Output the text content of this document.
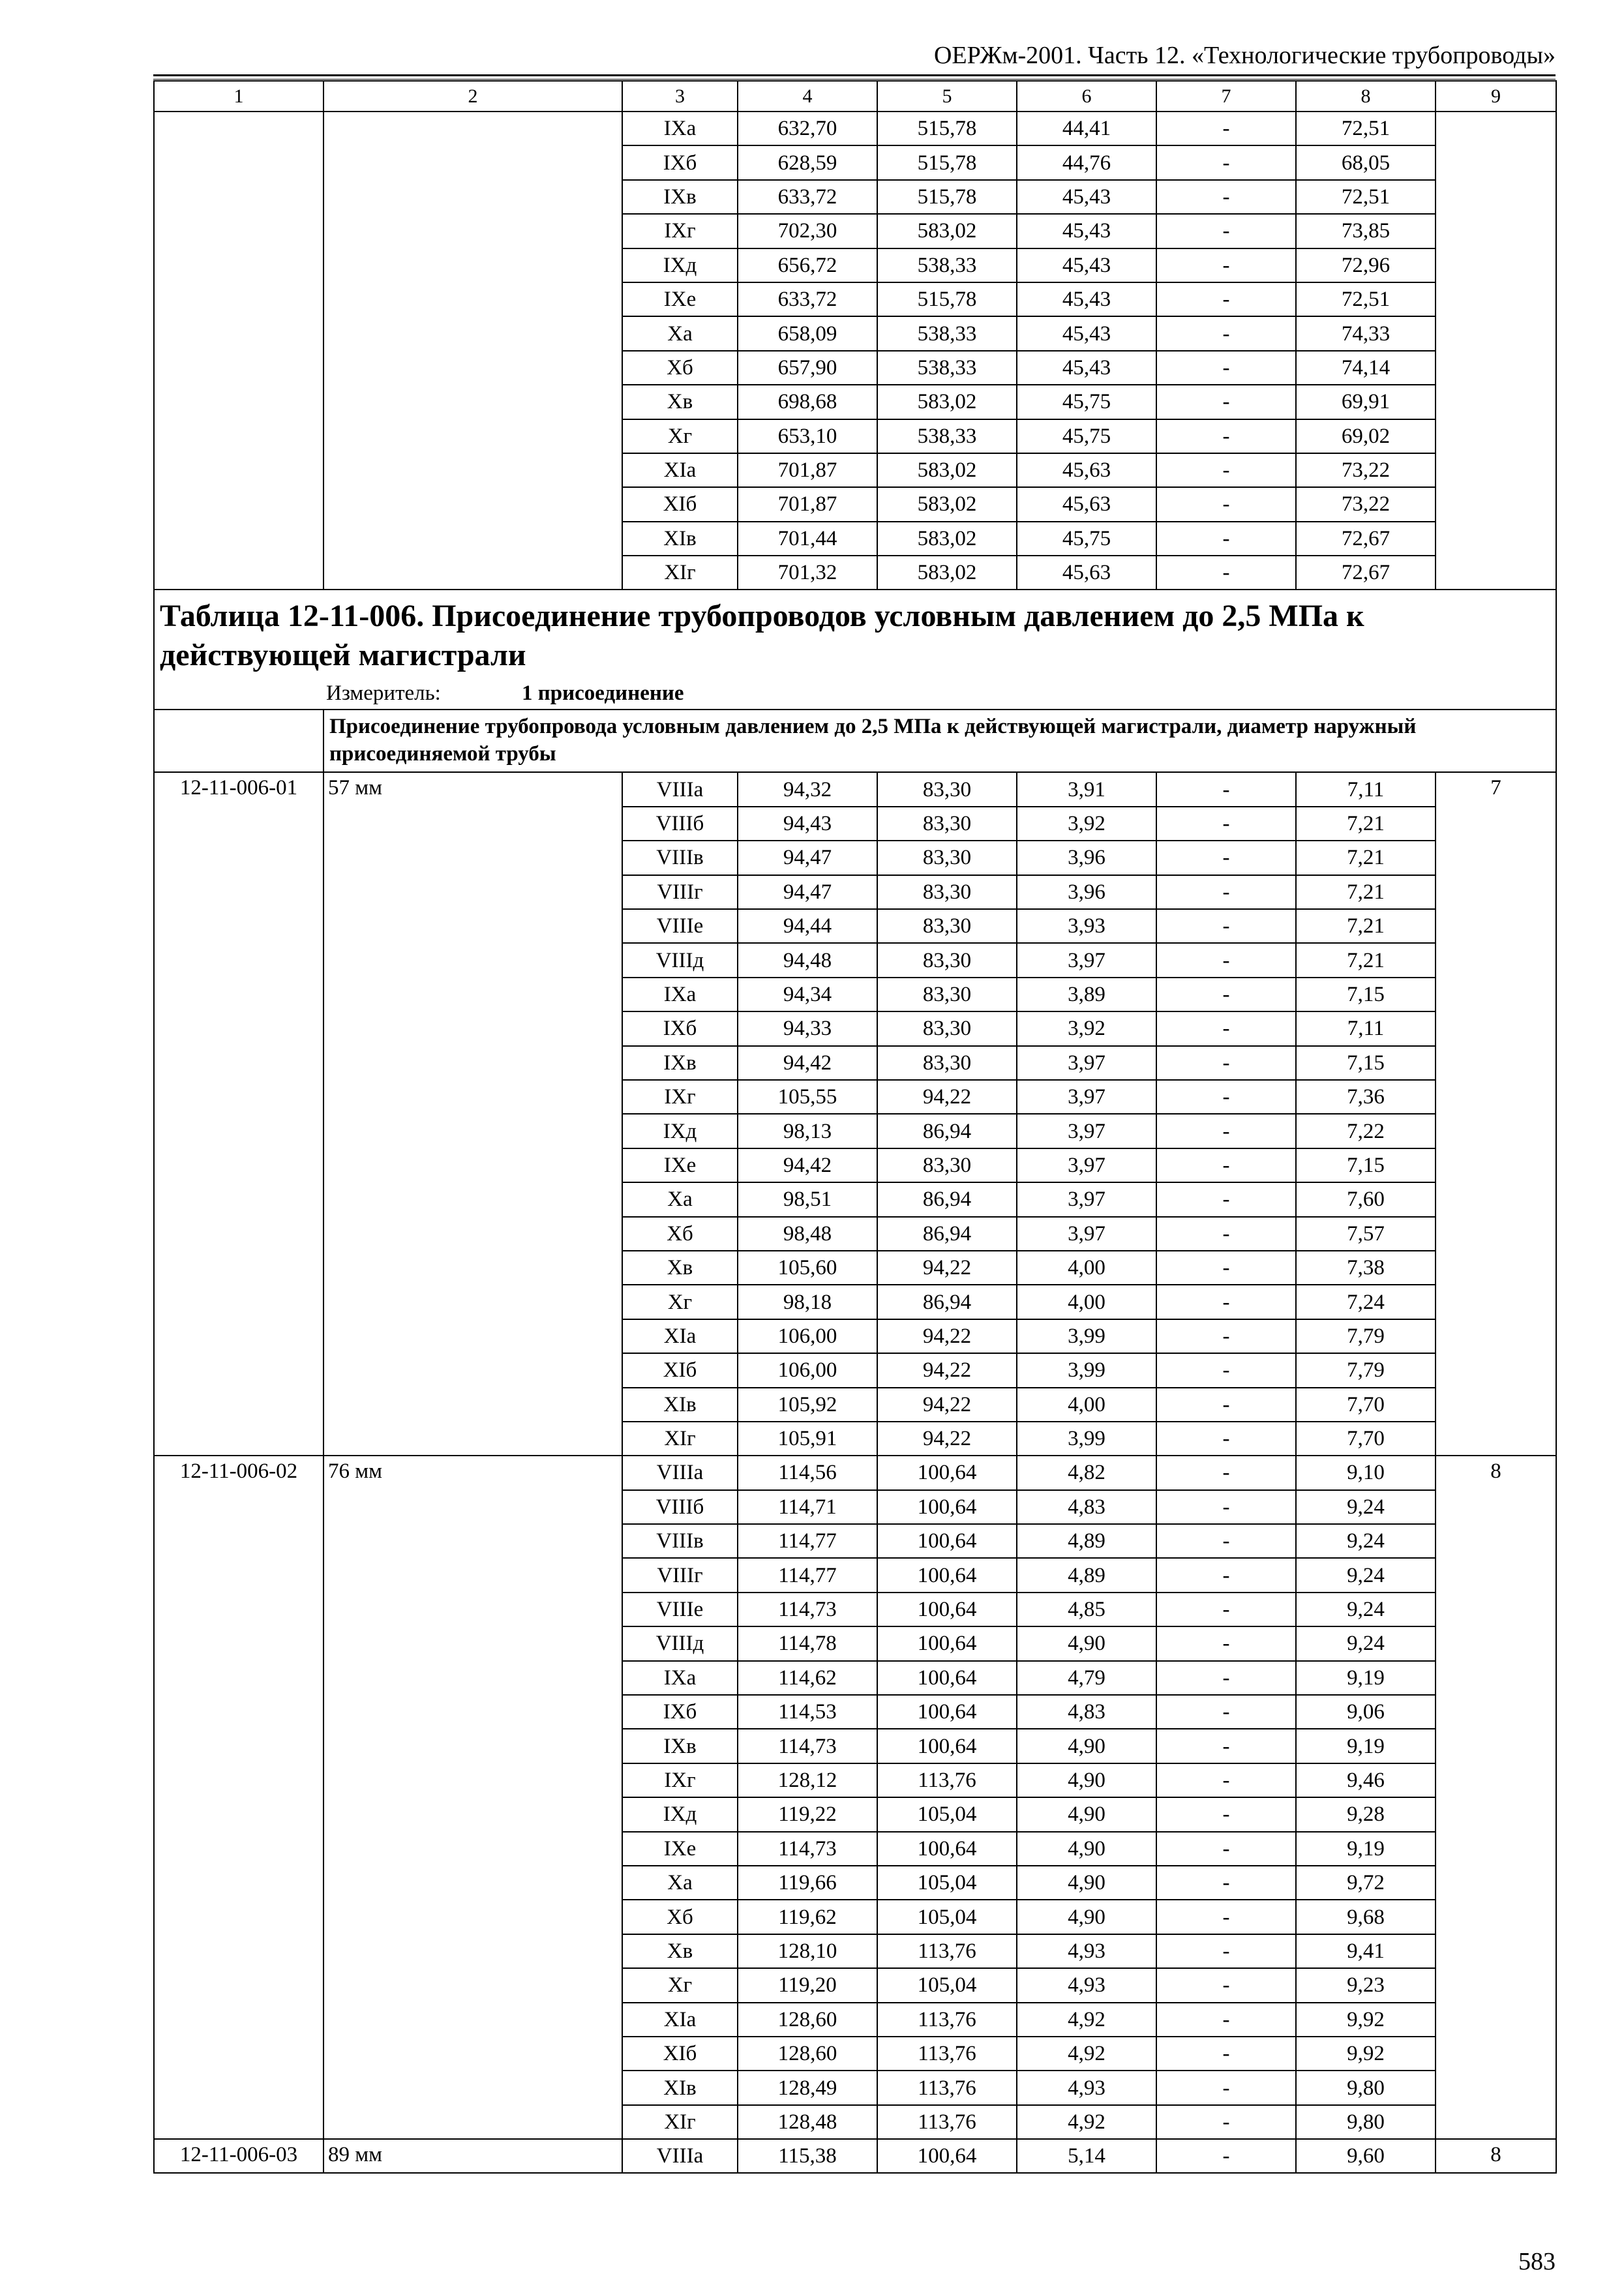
ОЕРЖм-2001. Часть 12. «Технологические трубопроводы»
1	2	3	4	5	6	7	8	9
		IXа	632,70	515,78	44,41	-	72,51	
		IXб	628,59	515,78	44,76	-	68,05	
		IXв	633,72	515,78	45,43	-	72,51	
		IXг	702,30	583,02	45,43	-	73,85	
		IXд	656,72	538,33	45,43	-	72,96	
		IXе	633,72	515,78	45,43	-	72,51	
		Xа	658,09	538,33	45,43	-	74,33	
		Xб	657,90	538,33	45,43	-	74,14	
		Xв	698,68	583,02	45,75	-	69,91	
		Xг	653,10	538,33	45,75	-	69,02	
		XIа	701,87	583,02	45,63	-	73,22	
		XIб	701,87	583,02	45,63	-	73,22	
		XIв	701,44	583,02	45,75	-	72,67	
		XIг	701,32	583,02	45,63	-	72,67	
Таблица 12-11-006. Присоединение трубопроводов условным давлением до 2,5 МПа к действующей магистрали								
Измеритель: 1 присоединение								
	Присоединение трубопровода условным давлением до 2,5 МПа к действующей магистрали, диаметр наружный присоединяемой трубы							
12-11-006-01	57 мм	VIIIа	94,32	83,30	3,91	-	7,11	7
		VIIIб	94,43	83,30	3,92	-	7,21	
		VIIIв	94,47	83,30	3,96	-	7,21	
		VIIIг	94,47	83,30	3,96	-	7,21	
		VIIIе	94,44	83,30	3,93	-	7,21	
		VIIIд	94,48	83,30	3,97	-	7,21	
		IXа	94,34	83,30	3,89	-	7,15	
		IXб	94,33	83,30	3,92	-	7,11	
		IXв	94,42	83,30	3,97	-	7,15	
		IXг	105,55	94,22	3,97	-	7,36	
		IXд	98,13	86,94	3,97	-	7,22	
		IXе	94,42	83,30	3,97	-	7,15	
		Xа	98,51	86,94	3,97	-	7,60	
		Xб	98,48	86,94	3,97	-	7,57	
		Xв	105,60	94,22	4,00	-	7,38	
		Xг	98,18	86,94	4,00	-	7,24	
		XIа	106,00	94,22	3,99	-	7,79	
		XIб	106,00	94,22	3,99	-	7,79	
		XIв	105,92	94,22	4,00	-	7,70	
		XIг	105,91	94,22	3,99	-	7,70	
12-11-006-02	76 мм	VIIIа	114,56	100,64	4,82	-	9,10	8
		VIIIб	114,71	100,64	4,83	-	9,24	
		VIIIв	114,77	100,64	4,89	-	9,24	
		VIIIг	114,77	100,64	4,89	-	9,24	
		VIIIе	114,73	100,64	4,85	-	9,24	
		VIIIд	114,78	100,64	4,90	-	9,24	
		IXа	114,62	100,64	4,79	-	9,19	
		IXб	114,53	100,64	4,83	-	9,06	
		IXв	114,73	100,64	4,90	-	9,19	
		IXг	128,12	113,76	4,90	-	9,46	
		IXд	119,22	105,04	4,90	-	9,28	
		IXе	114,73	100,64	4,90	-	9,19	
		Xа	119,66	105,04	4,90	-	9,72	
		Xб	119,62	105,04	4,90	-	9,68	
		Xв	128,10	113,76	4,93	-	9,41	
		Xг	119,20	105,04	4,93	-	9,23	
		XIа	128,60	113,76	4,92	-	9,92	
		XIб	128,60	113,76	4,92	-	9,92	
		XIв	128,49	113,76	4,93	-	9,80	
		XIг	128,48	113,76	4,92	-	9,80	
12-11-006-03	89 мм	VIIIа	115,38	100,64	5,14	-	9,60	8
583
